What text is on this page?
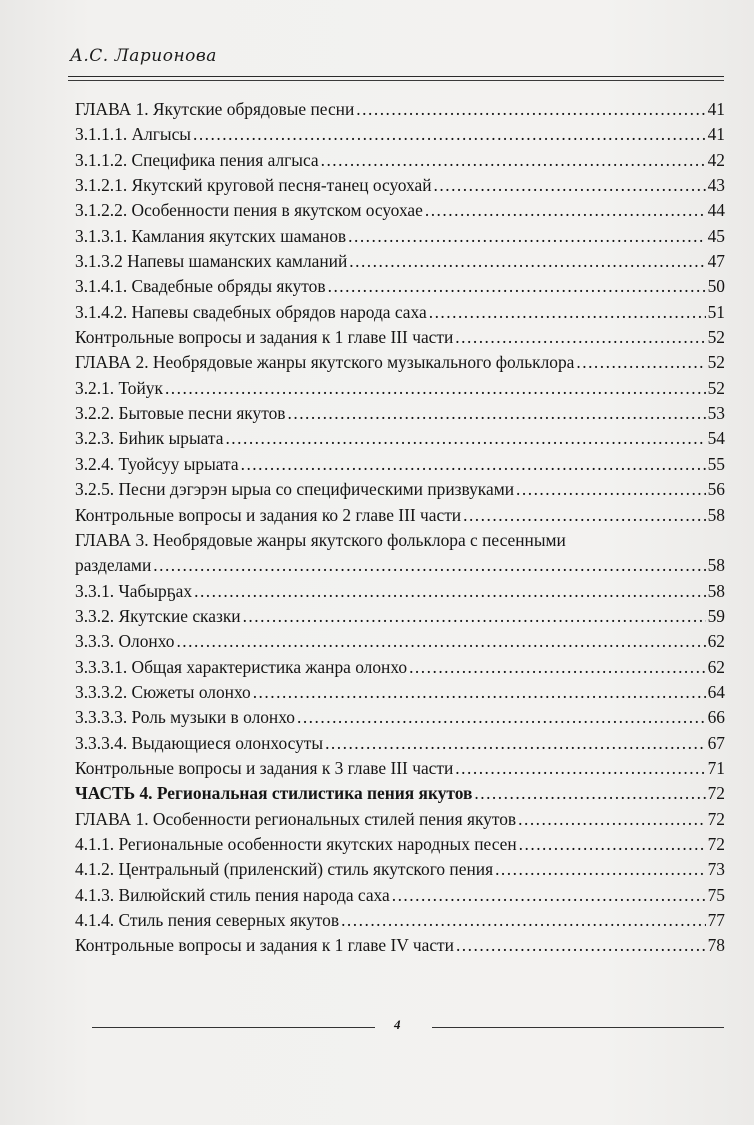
А.С. Ларионова
ГЛАВА 1. Якутские обрядовые песни .....	41
3.1.1.1. Алгысы .....	41
3.1.1.2. Специфика пения алгыса .....	42
3.1.2.1. Якутский круговой песня-танец осуохай .....	43
3.1.2.2. Особенности пения в якутском осуохае .....	44
3.1.3.1. Камлания якутских шаманов .....	45
3.1.3.2 Напевы шаманских камланий .....	47
3.1.4.1. Свадебные обряды якутов .....	50
3.1.4.2. Напевы свадебных обрядов народа саха .....	51
Контрольные вопросы и задания к 1 главе III части .....	52
ГЛАВА 2. Необрядовые жанры якутского музыкального фольклора .....	52
3.2.1. Тойук .....	52
3.2.2. Бытовые песни якутов .....	53
3.2.3. Биһик ырыата .....	54
3.2.4. Туойсуу ырыата .....	55
3.2.5. Песни дэгэрэн ырыа со специфическими призвуками .....	56
Контрольные вопросы и задания ко 2 главе III части .....	58
ГЛАВА 3. Необрядовые жанры якутского фольклора с песенными
разделами .....	58
3.3.1. Чабырҕах .....	58
3.3.2. Якутские сказки .....	59
3.3.3. Олонхо .....	62
3.3.3.1. Общая характеристика жанра олонхо .....	62
3.3.3.2. Сюжеты олонхо .....	64
3.3.3.3. Роль музыки в олонхо .....	66
3.3.3.4. Выдающиеся олонхосуты .....	67
Контрольные вопросы и задания к 3 главе III части .....	71
ЧАСТЬ 4. Региональная стилистика пения якутов .....	72
ГЛАВА 1. Особенности региональных стилей пения якутов .....	72
4.1.1. Региональные особенности якутских народных песен .....	72
4.1.2. Центральный (приленский) стиль якутского пения .....	73
4.1.3. Вилюйский стиль пения народа саха .....	75
4.1.4. Стиль пения северных якутов .....	77
Контрольные вопросы и задания к 1 главе IV части .....	78
4
